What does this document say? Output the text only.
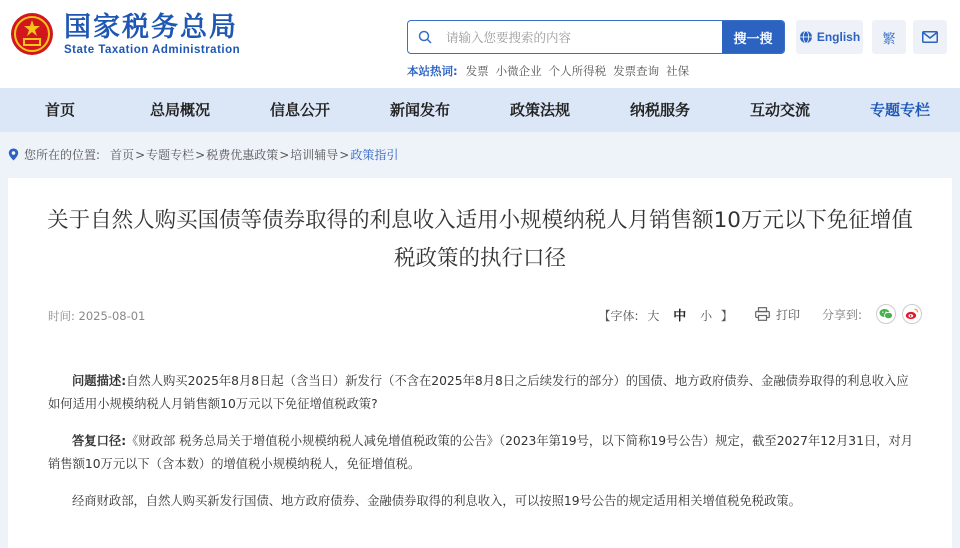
国家税务总局
State Taxation Administration
请输入您要搜索的内容
搜一搜	English	繁
本站热词: 发票 小微企业 个人所得税 发票查询 社保
首页	总局概况	信息公开	新闻发布	政策法规	纳税服务	互动交流	专题专栏
您所在的位置: 首页 > 专题专栏 > 税费优惠政策 > 培训辅导 > 政策指引
关于自然人购买国债等债券取得的利息收入适用小规模纳税人月销售额10万元以下免征增值税政策的执行口径
时间: 2025-08-01	【字体: 大 中 小 】	打印 分享到:

问题描述:自然人购买2025年8月8日起（含当日）新发行（不含在2025年8月8日之后续发行的部分）的国债、地方政府债券、金融债券取得的利息收入应如何适用小规模纳税人月销售额10万元以下免征增值税政策?

答复口径:《财政部 税务总局关于增值税小规模纳税人减免增值税政策的公告》（2023年第19号，以下简称19号公告）规定，截至2027年12月31日，对月销售额10万元以下（含本数）的增值税小规模纳税人，免征增值税。

经商财政部，自然人购买新发行国债、地方政府债券、金融债券取得的利息收入，可以按照19号公告的规定适用相关增值税免税政策。
